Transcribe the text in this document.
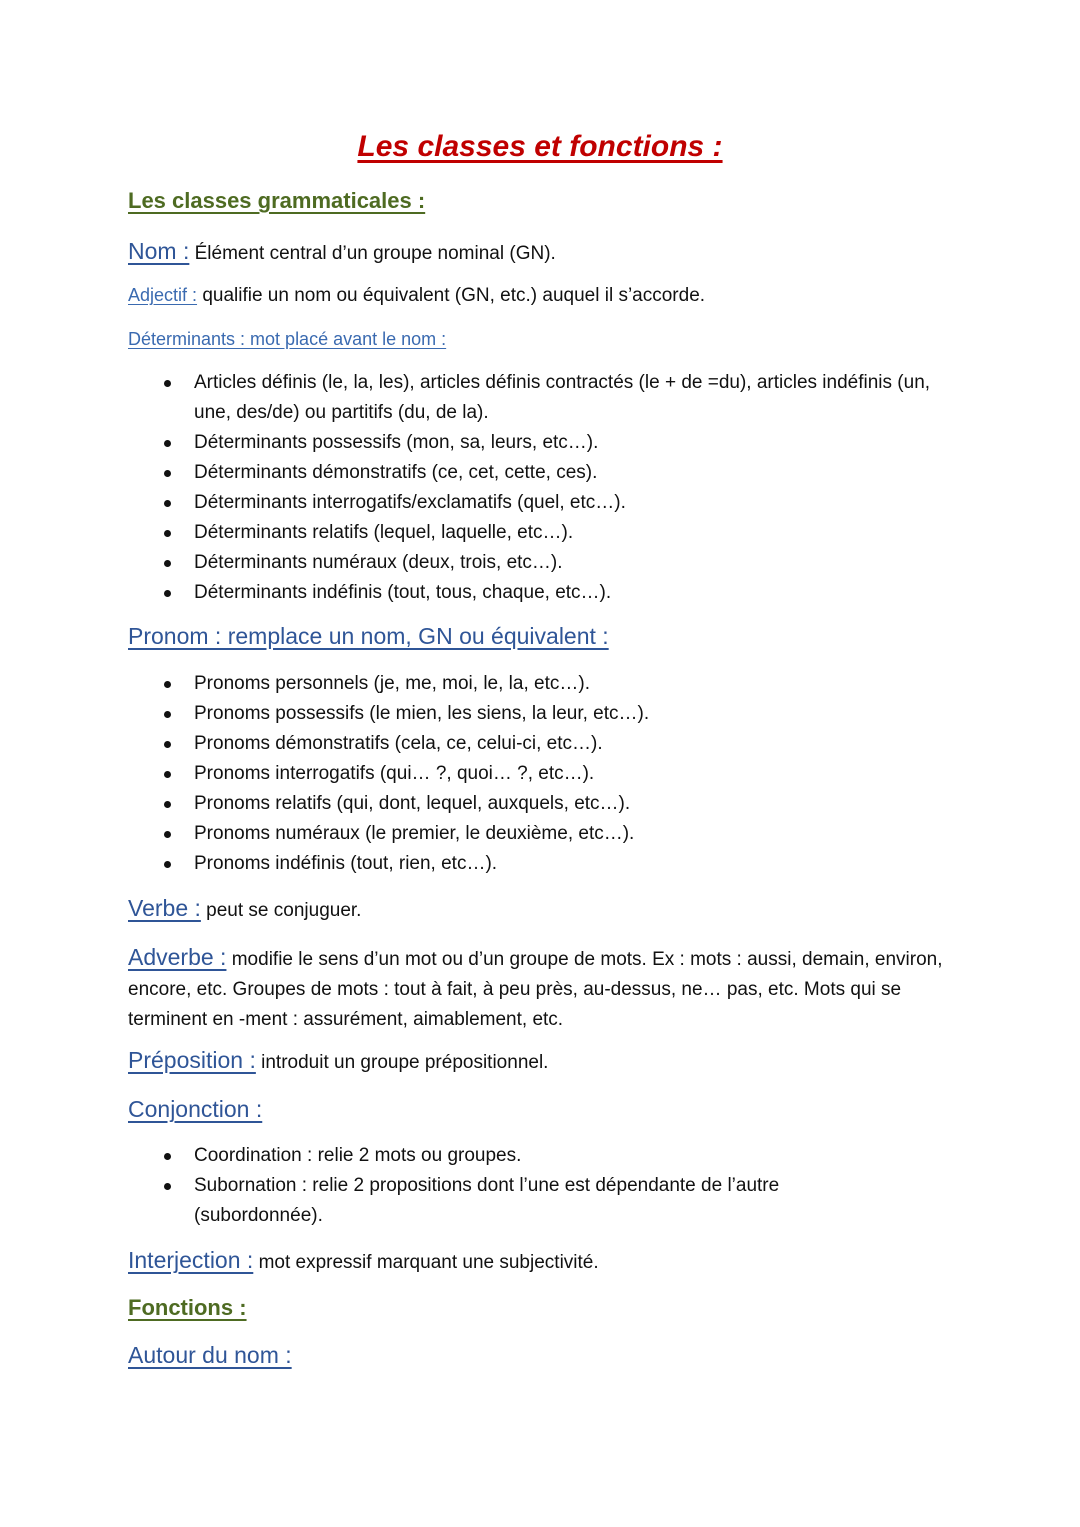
Les classes et fonctions :
Les classes grammaticales :
Nom : Élément central d’un groupe nominal (GN).
Adjectif : qualifie un nom ou équivalent (GN, etc.) auquel il s’accorde.
Déterminants : mot placé avant le nom :
Articles définis (le, la, les), articles définis contractés (le + de =du), articles indéfinis (un, une, des/de) ou partitifs (du, de la).
Déterminants possessifs (mon, sa, leurs, etc…).
Déterminants démonstratifs (ce, cet, cette, ces).
Déterminants interrogatifs/exclamatifs (quel, etc…).
Déterminants relatifs (lequel, laquelle, etc…).
Déterminants numéraux (deux, trois, etc…).
Déterminants indéfinis (tout, tous, chaque, etc…).
Pronom : remplace un nom, GN ou équivalent :
Pronoms personnels (je, me, moi, le, la, etc…).
Pronoms possessifs (le mien, les siens, la leur, etc…).
Pronoms démonstratifs (cela, ce, celui-ci, etc…).
Pronoms interrogatifs (qui… ?, quoi… ?, etc…).
Pronoms relatifs (qui, dont, lequel, auxquels, etc…).
Pronoms numéraux (le premier, le deuxième, etc…).
Pronoms indéfinis (tout, rien, etc…).
Verbe : peut se conjuguer.
Adverbe : modifie le sens d’un mot ou d’un groupe de mots. Ex : mots : aussi, demain, environ, encore, etc. Groupes de mots : tout à fait, à peu près, au-dessus, ne… pas, etc. Mots qui se terminent en -ment : assurément, aimablement, etc.
Préposition : introduit un groupe prépositionnel.
Conjonction :
Coordination : relie 2 mots ou groupes.
Subornation : relie 2 propositions dont l’une est dépendante de l’autre (subordonnée).
Interjection : mot expressif marquant une subjectivité.
Fonctions :
Autour du nom :
